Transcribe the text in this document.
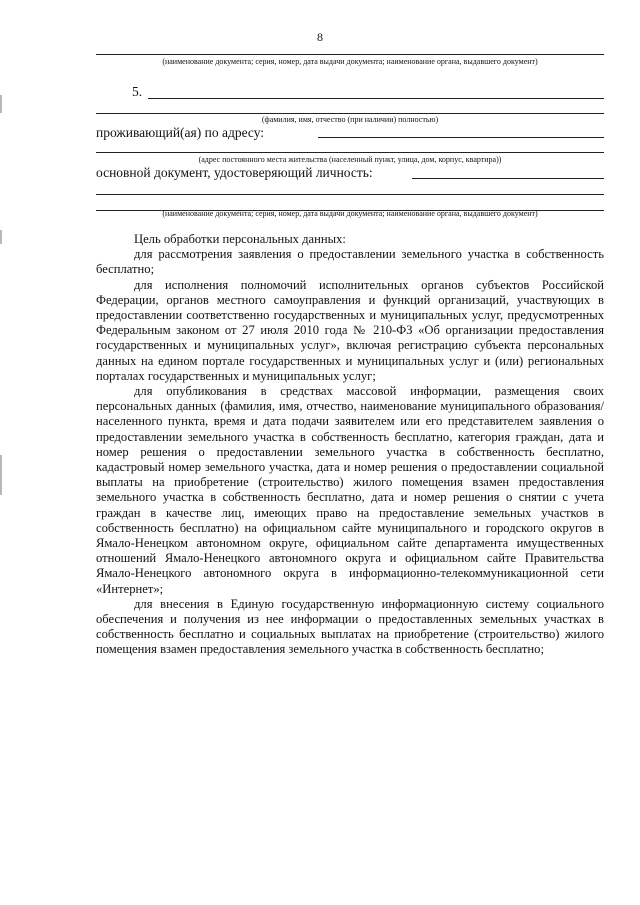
8
(наименование документа; серия, номер, дата выдачи документа; наименование органа, выдавшего документ)
5.
(фамилия, имя, отчество (при наличии) полностью)
проживающий(ая) по адресу:
(адрес постоянного места жительства (населенный пункт, улица, дом, корпус, квартира))
основной документ, удостоверяющий личность:
(наименование документа; серия, номер, дата выдачи документа; наименование органа, выдавшего документ)

Цель обработки персональных данных:

для рассмотрения заявления о предоставлении земельного участка в собственность бесплатно;

для исполнения полномочий исполнительных органов субъектов Российской Федерации, органов местного самоуправления и функций организаций, участвующих в предоставлении соответственно государственных и муниципальных услуг, предусмотренных Федеральным законом от 27 июля 2010 года № 210-ФЗ «Об организации предоставления государственных и муниципальных услуг», включая регистрацию субъекта персональных данных на едином портале государственных и муниципальных услуг и (или) региональных порталах государственных и муниципальных услуг;

для опубликования в средствах массовой информации, размещения своих персональных данных (фамилия, имя, отчество, наименование муниципального образования/населенного пункта, время и дата подачи заявителем или его представителем заявления о предоставлении земельного участка в собственность бесплатно, категория граждан, дата и номер решения о предоставлении земельного участка в собственность бесплатно, кадастровый номер земельного участка, дата и номер решения о предоставлении социальной выплаты на приобретение (строительство) жилого помещения взамен предоставления земельного участка в собственность бесплатно, дата и номер решения о снятии с учета граждан в качестве лиц, имеющих право на предоставление земельных участков в собственность бесплатно) на официальном сайте муниципального и городского округов в Ямало-Ненецком автономном округе, официальном сайте департамента имущественных отношений Ямало-Ненецкого автономного округа и официальном сайте Правительства Ямало-Ненецкого автономного округа в информационно-телекоммуникационной сети «Интернет»;

для внесения в Единую государственную информационную систему социального обеспечения и получения из нее информации о предоставленных земельных участках в собственность бесплатно и социальных выплатах на приобретение (строительство) жилого помещения взамен предоставления земельного участка в собственность бесплатно;
